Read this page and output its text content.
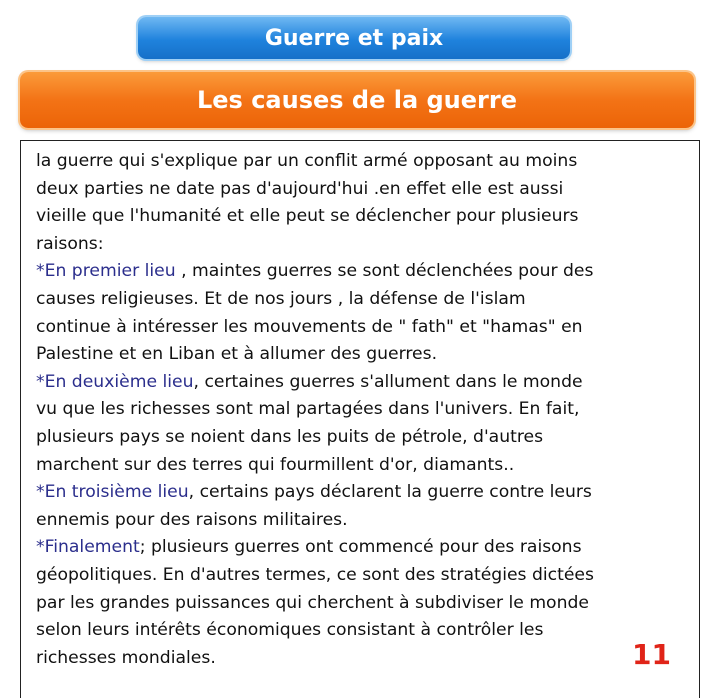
Guerre et paix
Les causes de la guerre
la guerre qui s'explique par un conflit armé opposant au moins
deux parties ne date pas d'aujourd'hui .en effet elle est aussi
vieille que l'humanité et elle peut se déclencher pour plusieurs
raisons:
*En premier lieu , maintes guerres se sont déclenchées pour des
causes religieuses. Et de nos jours , la défense de l'islam
continue à intéresser les mouvements de " fath" et "hamas" en
Palestine et en Liban et à allumer des guerres.
*En deuxième lieu, certaines guerres s'allument dans le monde
vu que les richesses sont mal partagées dans l'univers. En fait,
plusieurs pays se noient dans les puits de pétrole, d'autres
marchent sur des terres qui fourmillent d'or, diamants..
*En troisième lieu, certains pays déclarent la guerre contre leurs
ennemis pour des raisons militaires.
*Finalement; plusieurs guerres ont commencé pour des raisons
géopolitiques. En d'autres termes, ce sont des stratégies dictées
par les grandes puissances qui cherchent à subdiviser le monde
selon leurs intérêts économiques consistant à contrôler les
richesses mondiales.	11
